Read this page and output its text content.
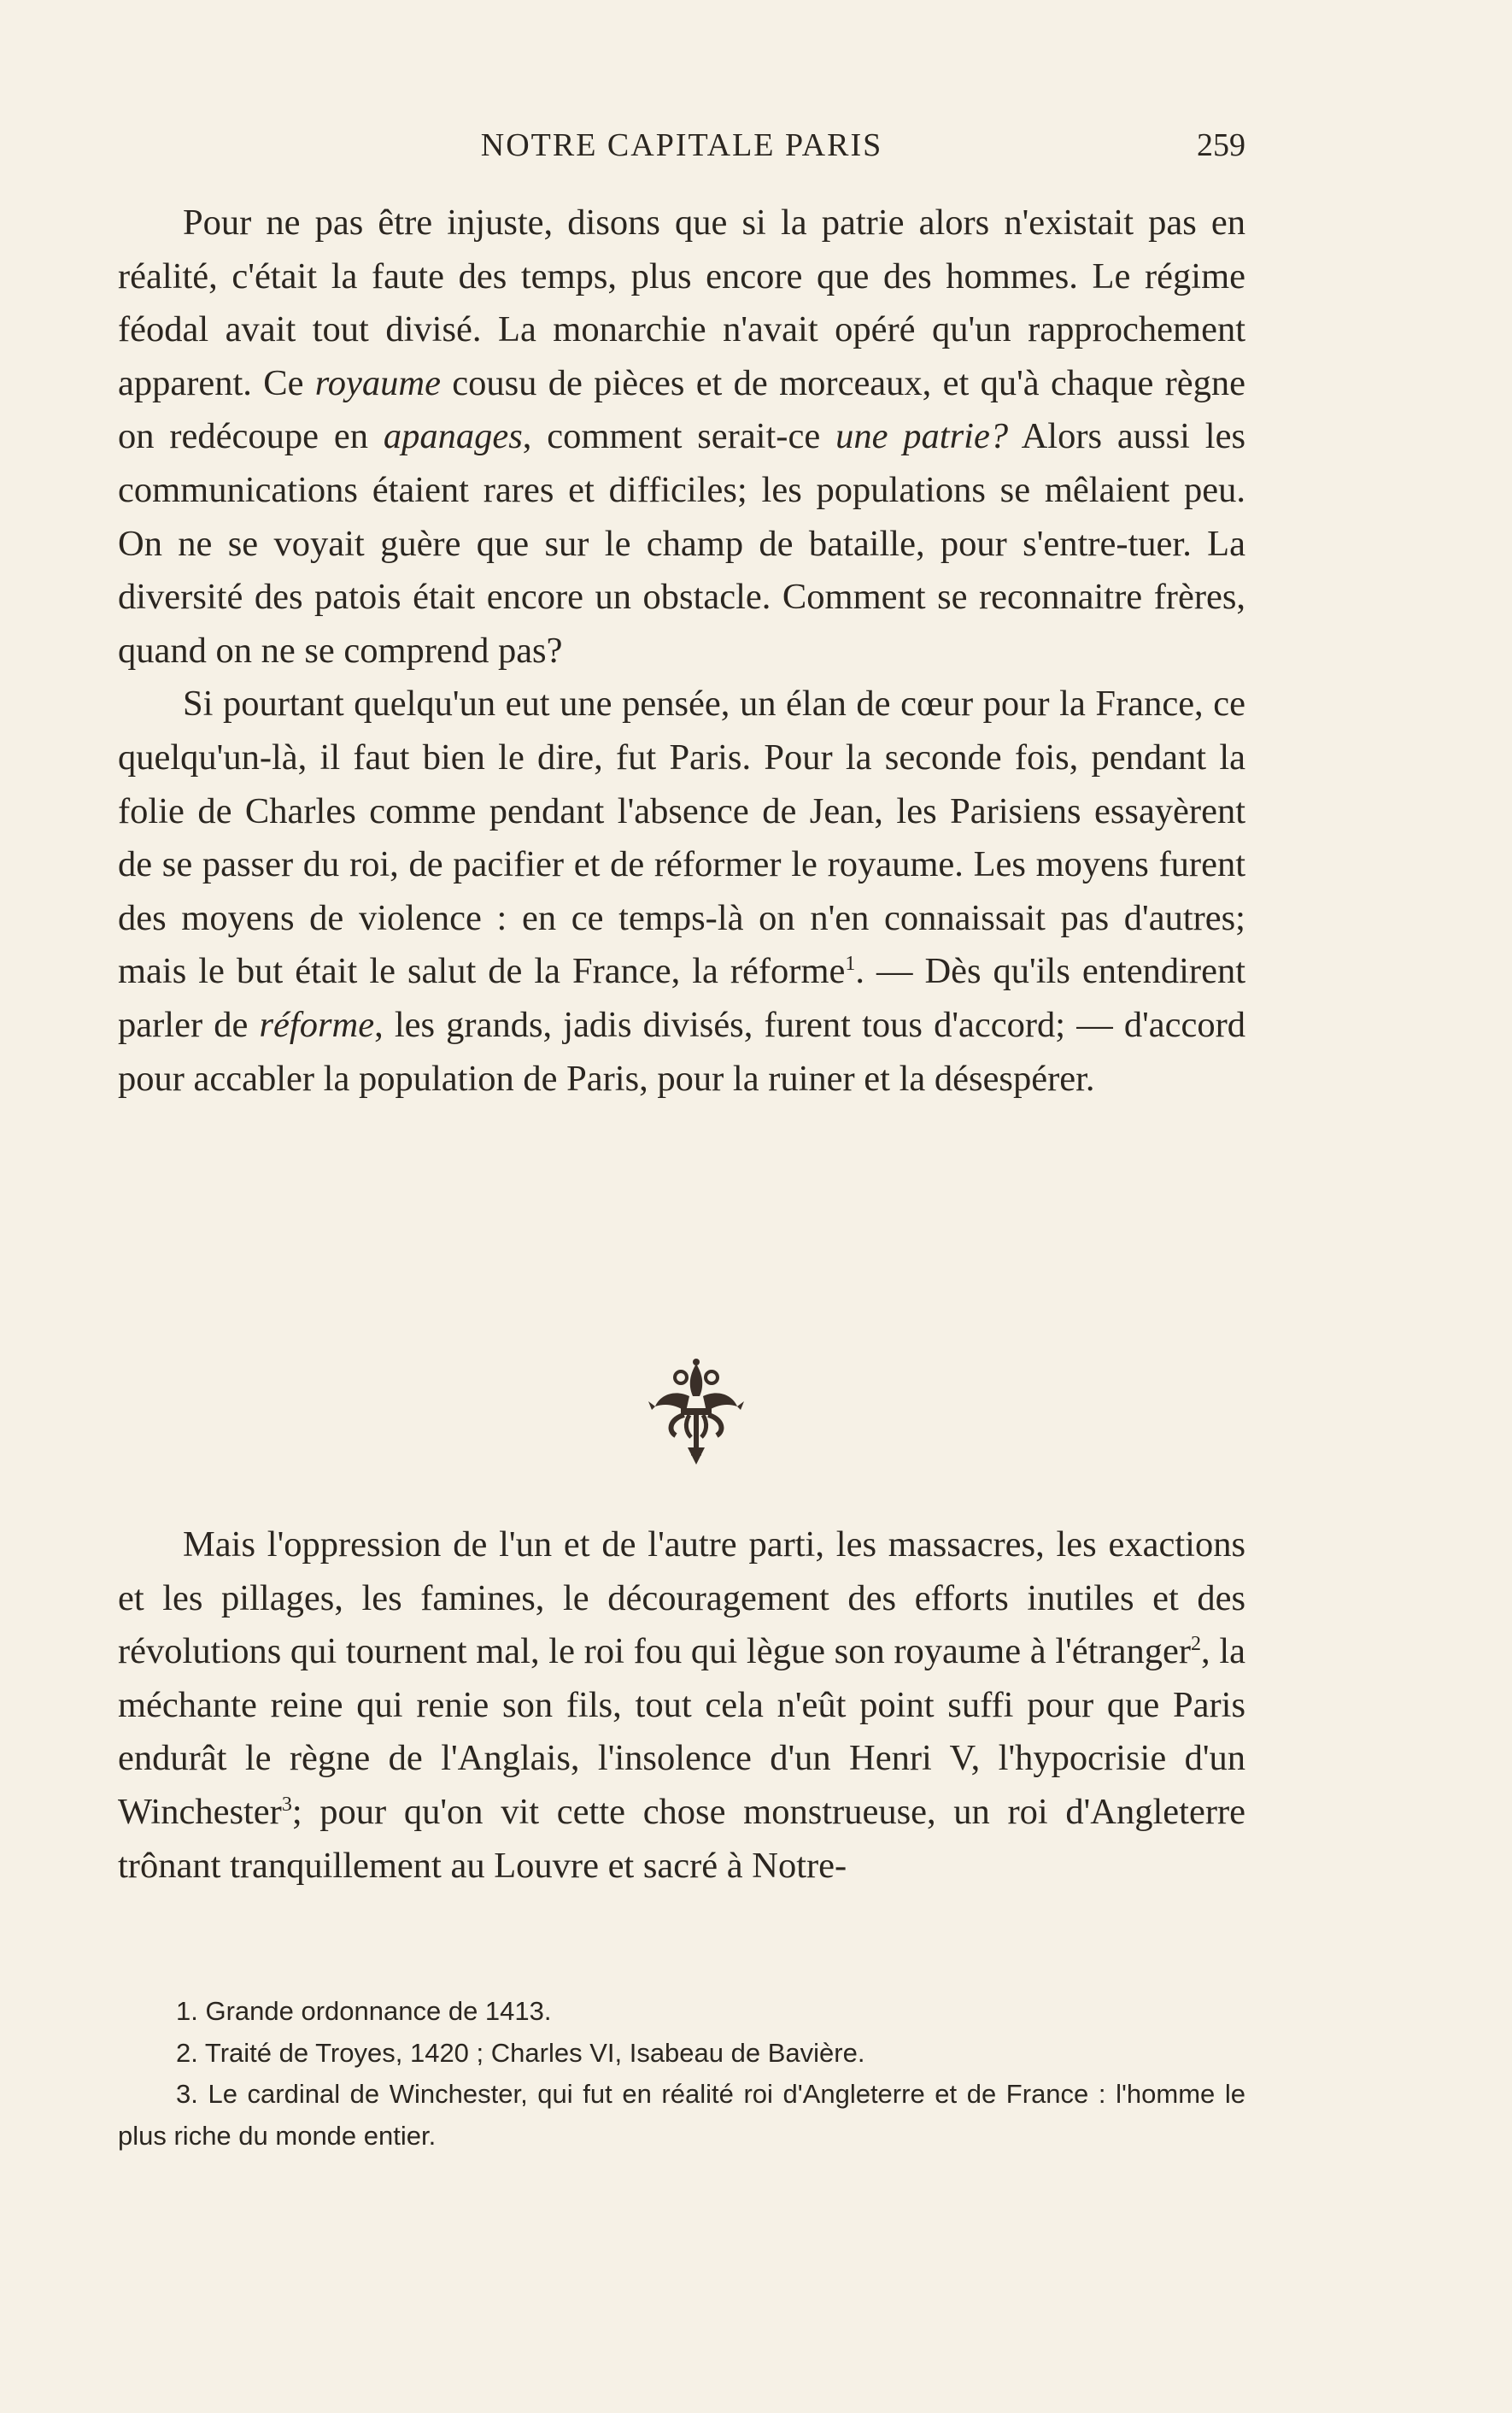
NOTRE CAPITALE PARIS	259

Pour ne pas être injuste, disons que si la patrie alors n'existait pas en réalité, c'était la faute des temps, plus encore que des hommes. Le régime féodal avait tout divisé. La monarchie n'avait opéré qu'un rapprochement apparent. Ce royaume cousu de pièces et de morceaux, et qu'à chaque règne on redécoupe en apanages, comment serait-ce une patrie? Alors aussi les communications étaient rares et difficiles; les populations se mêlaient peu. On ne se voyait guère que sur le champ de bataille, pour s'entre-tuer. La diversité des patois était encore un obstacle. Comment se reconnaitre frères, quand on ne se comprend pas?

Si pourtant quelqu'un eut une pensée, un élan de cœur pour la France, ce quelqu'un-là, il faut bien le dire, fut Paris. Pour la seconde fois, pendant la folie de Charles comme pendant l'absence de Jean, les Parisiens essayèrent de se passer du roi, de pacifier et de réformer le royaume. Les moyens furent des moyens de violence : en ce temps-là on n'en connaissait pas d'autres; mais le but était le salut de la France, la réforme$^1$. — Dès qu'ils entendirent parler de réforme, les grands, jadis divisés, furent tous d'accord; — d'accord pour accabler la population de Paris, pour la ruiner et la désespérer.

Mais l'oppression de l'un et de l'autre parti, les massacres, les exactions et les pillages, les famines, le découragement des efforts inutiles et des révolutions qui tournent mal, le roi fou qui lègue son royaume à l'étranger$^2$, la méchante reine qui renie son fils, tout cela n'eût point suffi pour que Paris endurât le règne de l'Anglais, l'insolence d'un Henri V, l'hypocrisie d'un Winchester$^3$; pour qu'on vit cette chose monstrueuse, un roi d'Angleterre trônant tranquillement au Louvre et sacré à Notre-

1. Grande ordonnance de 1413.

2. Traité de Troyes, 1420 ; Charles VI, Isabeau de Bavière.

3. Le cardinal de Winchester, qui fut en réalité roi d'Angleterre et de France : l'homme le plus riche du monde entier.
